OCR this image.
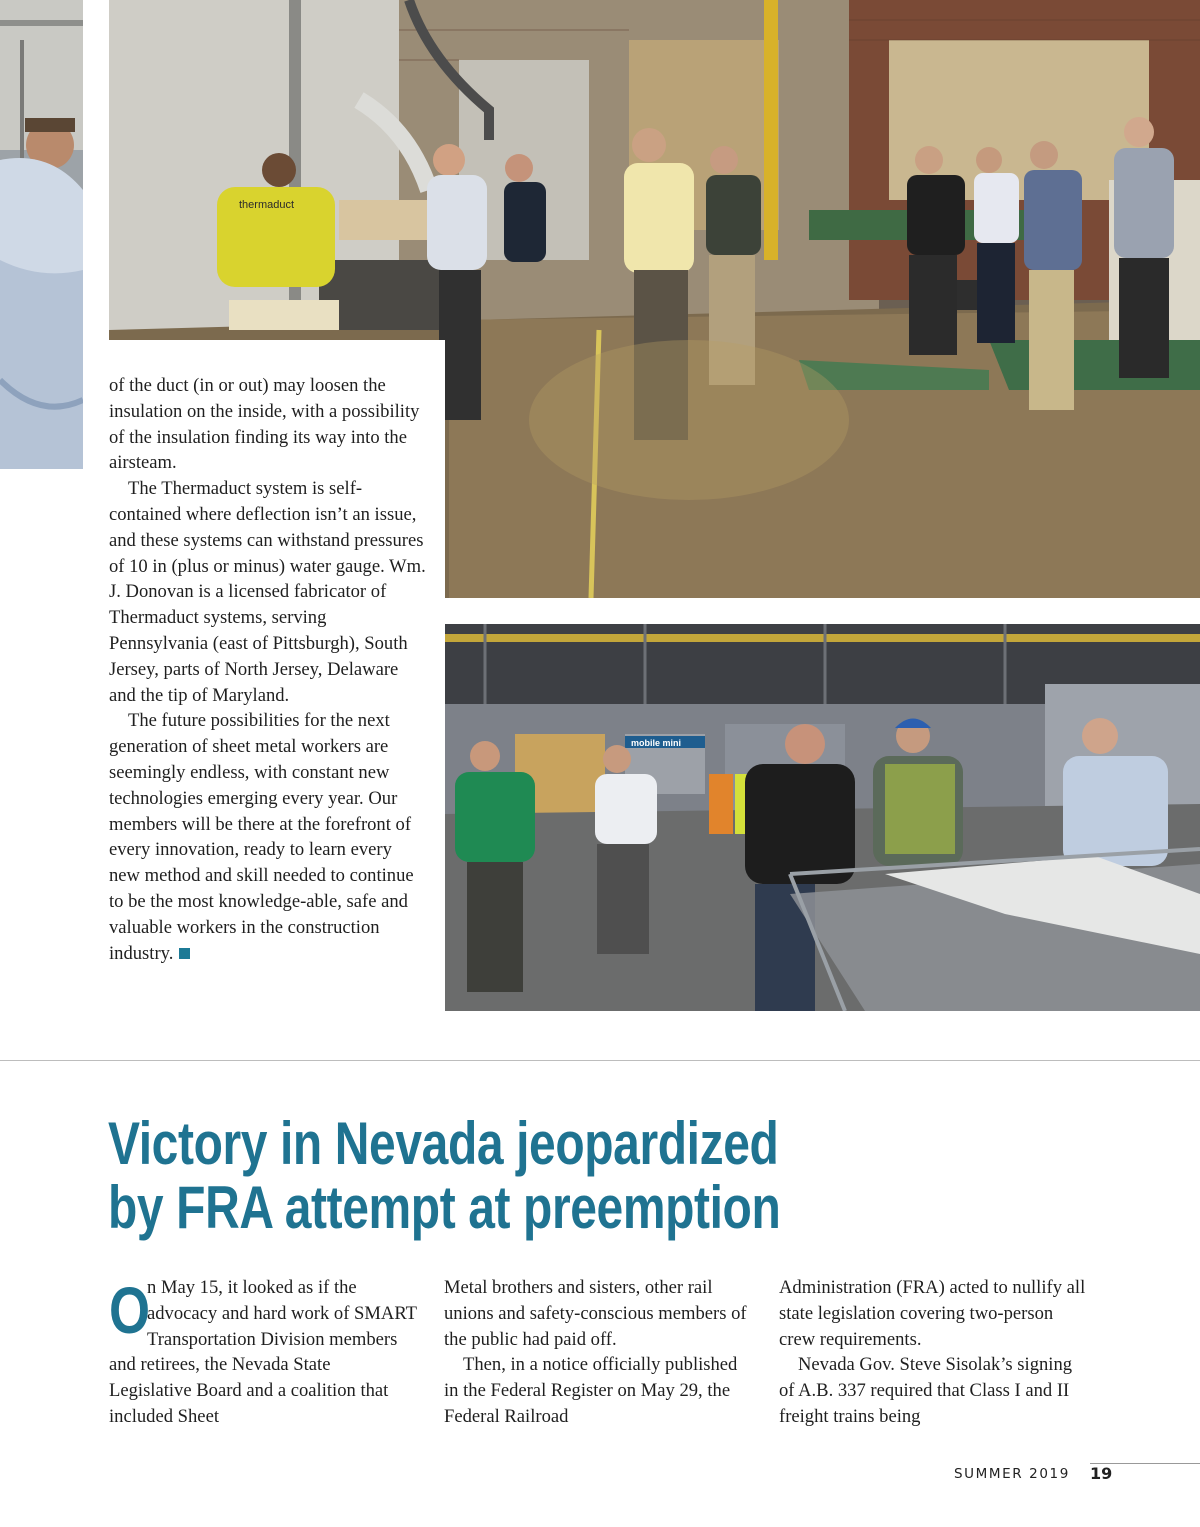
thermaduct
mobile mini

of the duct (in or out) may loosen the insulation on the inside, with a possibility of the insulation finding its way into the airsteam.

The Thermaduct system is self-contained where deflection isn’t an issue, and these systems can withstand pressures of 10 in (plus or minus) water gauge. Wm. J. Donovan is a licensed fabricator of Thermaduct systems, serving Pennsylvania (east of Pittsburgh), South Jersey, parts of North Jersey, Delaware and the tip of Maryland.

The future possibilities for the next generation of sheet metal workers are seemingly endless, with constant new technologies emerging every year. Our members will be there at the forefront of every innovation, ready to learn every new method and skill needed to continue to be the most knowledge-able, safe and valuable workers in the construction industry.

Victory in Nevada jeopardized
by FRA attempt at preemption

O
n May 15, it looked as if the advocacy and hard work of SMART Transportation Division members and retirees, the Nevada State Legislative Board and a coalition that included Sheet

Metal brothers and sisters, other rail unions and safety-conscious members of the public had paid off.

Then, in a notice officially published in the Federal Register on May 29, the Federal Railroad

Administration (FRA) acted to nullify all state legislation covering two-person crew requirements.

Nevada Gov. Steve Sisolak’s signing of A.B. 337 required that Class I and II freight trains being

SUMMER 2019 19
